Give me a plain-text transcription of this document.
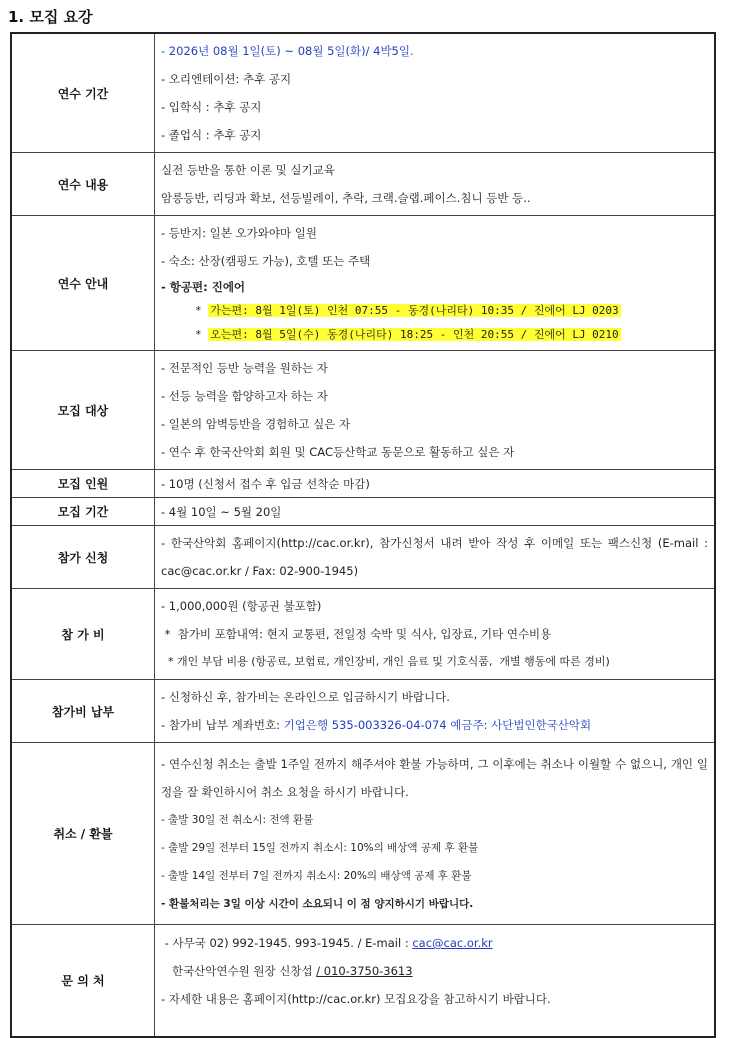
1. 모집 요강
연수 기간	- 2026년 08월 1일(토) ~ 08월 5일(화)/ 4박5일.
- 오리엔테이션: 추후 공지
- 입학식 : 추후 공지
- 졸업식 : 추후 공지

연수 내용	실전 등반을 통한 이론 및 실기교육
암릉등반, 리딩과 확보, 선등빌레이, 추락, 크랙.슬랩.페이스.침니 등반 등..

연수 안내	- 등반지: 일본 오가와야마 일원
- 숙소: 산장(캠핑도 가능), 호텔 또는 주택
- 항공편: 진에어
* 가는편: 8월 1일(토) 인천 07:55 - 동경(나리타) 10:35 / 진에어 LJ 0203
* 오는편: 8월 5일(수) 동경(나리타) 18:25 - 인천 20:55 / 진에어 LJ 0210

모집 대상	- 전문적인 등반 능력을 원하는 자
- 선등 능력을 함양하고자 하는 자
- 일본의 암벽등반을 경험하고 싶은 자
- 연수 후 한국산악회 회원 및 CAC등산학교 동문으로 활동하고 싶은 자

모집 인원	- 10명 (신청서 접수 후 입금 선착순 마감)

모집 기간	- 4월 10일 ~ 5월 20일

참가 신청	- 한국산악회 홈페이지(http://cac.or.kr), 참가신청서 내려 받아 작성 후 이메일 또는 팩스신청 (E-mail : cac@cac.or.kr / Fax: 02-900-1945)

참 가 비	- 1,000,000원 (항공권 불포함)
*  참가비 포함내역: 현지 교통편, 전일정 숙박 및 식사, 입장료, 기타 연수비용
* 개인 부담 비용 (항공료, 보험료, 개인장비, 개인 음료 및 기호식품,  개별 행동에 따른 경비)

참가비 납부	- 신청하신 후, 참가비는 온라인으로 입금하시기 바랍니다.
- 참가비 납부 계좌번호: 기업은행 535-003326-04-074 예금주: 사단법인한국산악회

취소 / 환불	- 연수신청 취소는 출발 1주일 전까지 해주셔야 환불 가능하며, 그 이후에는 취소나 이월할 수 없으니, 개인 일정을 잘 확인하시어 취소 요청을 하시기 바랍니다.
- 출발 30일 전 취소시: 전액 환불
- 출발 29일 전부터 15일 전까지 취소시: 10%의 배상액 공제 후 환불
- 출발 14일 전부터 7일 전까지 취소시: 20%의 배상액 공제 후 환불
- 환불처리는 3일 이상 시간이 소요되니 이 점 양지하시기 바랍니다.

문 의 처	- 사무국 02) 992-1945. 993-1945. / E-mail : cac@cac.or.kr
한국산악연수원 원장 신창섭 / 010-3750-3613
- 자세한 내용은 홈페이지(http://cac.or.kr) 모집요강을 참고하시기 바랍니다.
